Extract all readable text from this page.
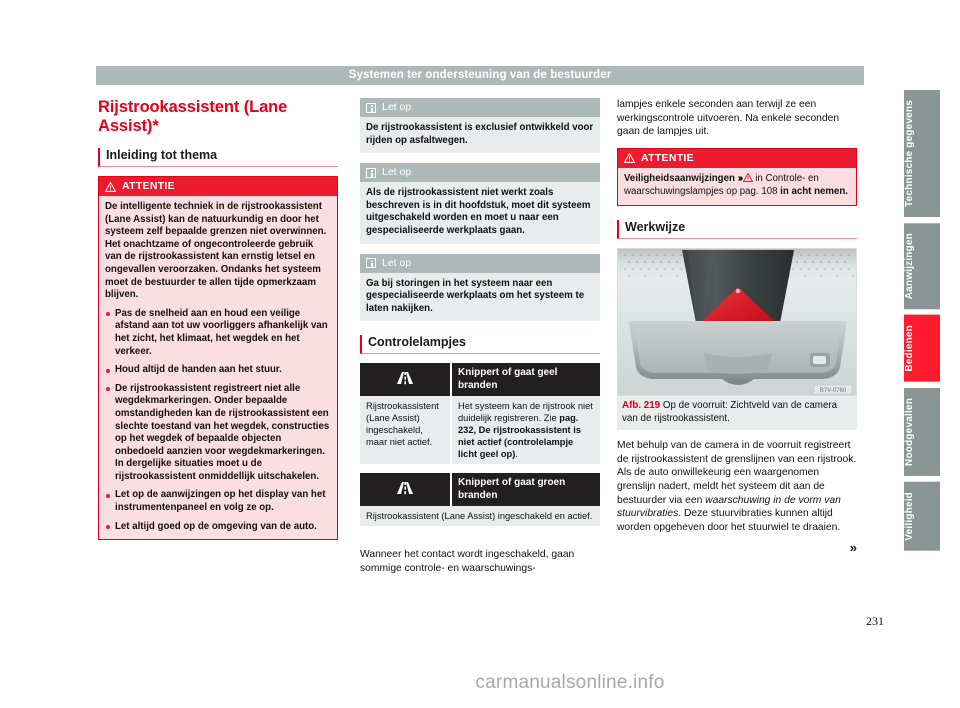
Systemen ter ondersteuning van de bestuurder
Rijstrookassistent (Lane Assist)*
Inleiding tot thema
ATTENTIE

De intelligente techniek in de rijstrookassistent (Lane Assist) kan de natuurkundig en door het systeem zelf bepaalde grenzen niet overwinnen. Het onachtzame of ongecontroleerde gebruik van de rijstrookassistent kan ernstig letsel en ongevallen veroorzaken. Ondanks het systeem moet de bestuurder te allen tijde opmerkzaam blijven.

Pas de snelheid aan en houd een veilige afstand aan tot uw voorliggers afhankelijk van het zicht, het klimaat, het wegdek en het verkeer.
Houd altijd de handen aan het stuur.
De rijstrookassistent registreert niet alle wegdekmarkeringen. Onder bepaalde omstandigheden kan de rijstrookassistent een slechte toestand van het wegdek, constructies op het wegdek of bepaalde objecten onbedoeld aanzien voor wegdekmarkeringen. In dergelijke situaties moet u de rijstrookassistent onmiddellijk uitschakelen.
Let op de aanwijzingen op het display van het instrumentenpaneel en volg ze op.
Let altijd goed op de omgeving van de auto.
Let op
De rijstrookassistent is exclusief ontwikkeld voor rijden op asfaltwegen.
Let op
Als de rijstrookassistent niet werkt zoals beschreven is in dit hoofdstuk, moet dit systeem uitgeschakeld worden en moet u naar een gespecialiseerde werkplaats gaan.
Let op
Ga bij storingen in het systeem naar een gespecialiseerde werkplaats om het systeem te laten nakijken.
Controlelampjes
	Knippert of gaat geel branden
Rijstrookassistent (Lane Assist) ingeschakeld, maar niet actief.	Het systeem kan de rijstrook niet duidelijk registreren. Zie pag. 232, De rijstrookassistent is niet actief (controlelampje licht geel op).
	Knippert of gaat groen branden
Rijstrookassistent (Lane Assist) ingeschakeld en actief.

Wanneer het contact wordt ingeschakeld, gaan sommige controle- en waarschuwings-

lampjes enkele seconden aan terwijl ze een werkingscontrole uitvoeren. Na enkele seconden gaan de lampjes uit.

ATTENTIE
Veiligheidsaanwijzingen ››› in Controle- en waarschuwingslampjes op pag. 108 in acht nemen.
Werkwijze
B7V-0760
Afb. 219 Op de voorruit: Zichtveld van de camera van de rijstrookassistent.

Met behulp van de camera in de voorruit registreert de rijstrookassistent de grenslijnen van een rijstrook. Als de auto onwillekeurig een waargenomen grenslijn nadert, meldt het systeem dit aan de bestuurder via een waarschuwing in de vorm van stuurvibraties. Deze stuurvibraties kunnen altijd worden opgeheven door het stuurwiel te draaien.

»
Technische gegevens
Aanwijzingen
Bedienen
Noodgevallen
Veiligheid
231
carmanualsonline.info
